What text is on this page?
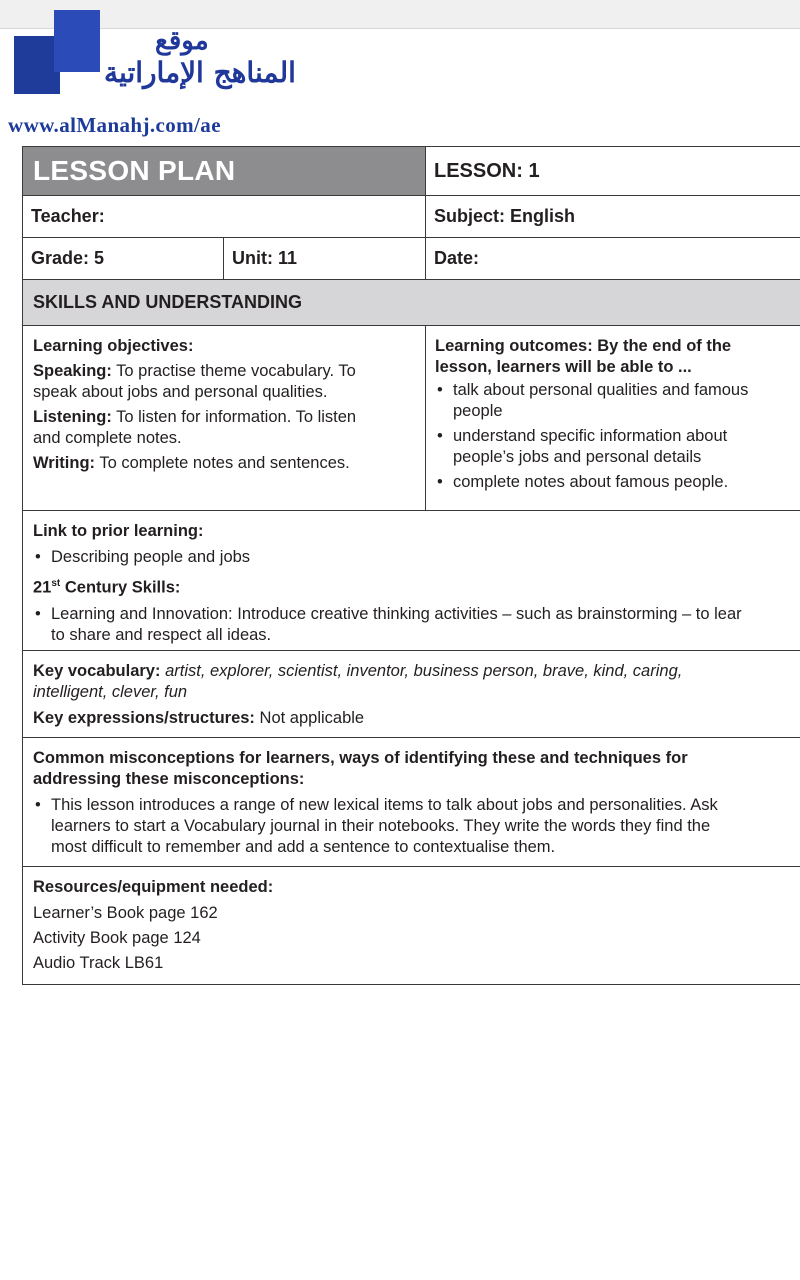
موقع
المناهج الإماراتية
www.alManahj.com/ae
LESSON PLAN	LESSON: 1
Teacher:	Subject: English
Grade: 5	Unit: 11	Date:
SKILLS AND UNDERSTANDING
Learning objectives:
Speaking: To practise theme vocabulary. To
speak about jobs and personal qualities.
Listening: To listen for information. To listen
and complete notes.
Writing: To complete notes and sentences.
Learning outcomes: By the end of the
lesson, learners will be able to ...
• talk about personal qualities and famous
people
• understand specific information about
people’s jobs and personal details
• complete notes about famous people.
Link to prior learning:
• Describing people and jobs
21st Century Skills:
• Learning and Innovation: Introduce creative thinking activities – such as brainstorming – to lear
to share and respect all ideas.
Key vocabulary: artist, explorer, scientist, inventor, business person, brave, kind, caring,
intelligent, clever, fun
Key expressions/structures: Not applicable
Common misconceptions for learners, ways of identifying these and techniques for
addressing these misconceptions:
• This lesson introduces a range of new lexical items to talk about jobs and personalities. Ask
learners to start a Vocabulary journal in their notebooks. They write the words they find the
most difficult to remember and add a sentence to contextualise them.
Resources/equipment needed:
Learner’s Book page 162
Activity Book page 124
Audio Track LB61
